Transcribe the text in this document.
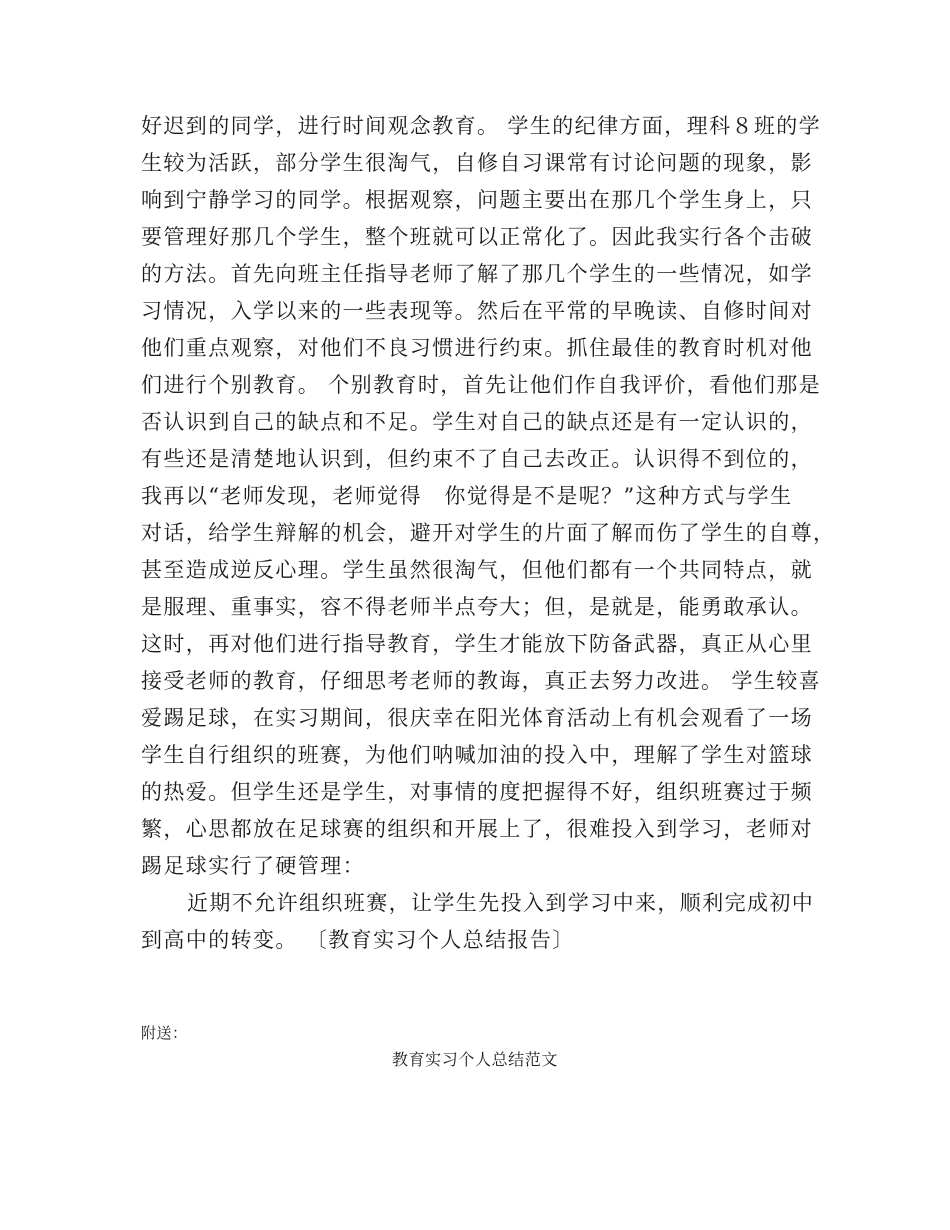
好迟到的同学，进行时间观念教育。 学生的纪律方面，理科８班的学
生较为活跃，部分学生很淘气，自修自习课常有讨论问题的现象，影
响到宁静学习的同学。根据观察，问题主要出在那几个学生身上，只
要管理好那几个学生，整个班就可以正常化了。因此我实行各个击破
的方法。首先向班主任指导老师了解了那几个学生的一些情况，如学
习情况，入学以来的一些表现等。然后在平常的早晚读、自修时间对
他们重点观察，对他们不良习惯进行约束。抓住最佳的教育时机对他
们进行个别教育。 个别教育时，首先让他们作自我评价，看他们那是
否认识到自己的缺点和不足。学生对自己的缺点还是有一定认识的，
有些还是清楚地认识到，但约束不了自己去改正。认识得不到位的，
我再以“老师发现，老师觉得　你觉得是不是呢？”这种方式与学生
对话，给学生辩解的机会，避开对学生的片面了解而伤了学生的自尊，
甚至造成逆反心理。学生虽然很淘气，但他们都有一个共同特点，就
是服理、重事实，容不得老师半点夸大；但，是就是，能勇敢承认。
这时，再对他们进行指导教育，学生才能放下防备武器，真正从心里
接受老师的教育，仔细思考老师的教诲，真正去努力改进。 学生较喜
爱踢足球，在实习期间，很庆幸在阳光体育活动上有机会观看了一场
学生自行组织的班赛，为他们呐喊加油的投入中，理解了学生对篮球
的热爱。但学生还是学生，对事情的度把握得不好，组织班赛过于频
繁，心思都放在足球赛的组织和开展上了，很难投入到学习，老师对
踢足球实行了硬管理：
近期不允许组织班赛，让学生先投入到学习中来，顺利完成初中
到高中的转变。 〔教育实习个人总结报告〕
附送：
教育实习个人总结范文
